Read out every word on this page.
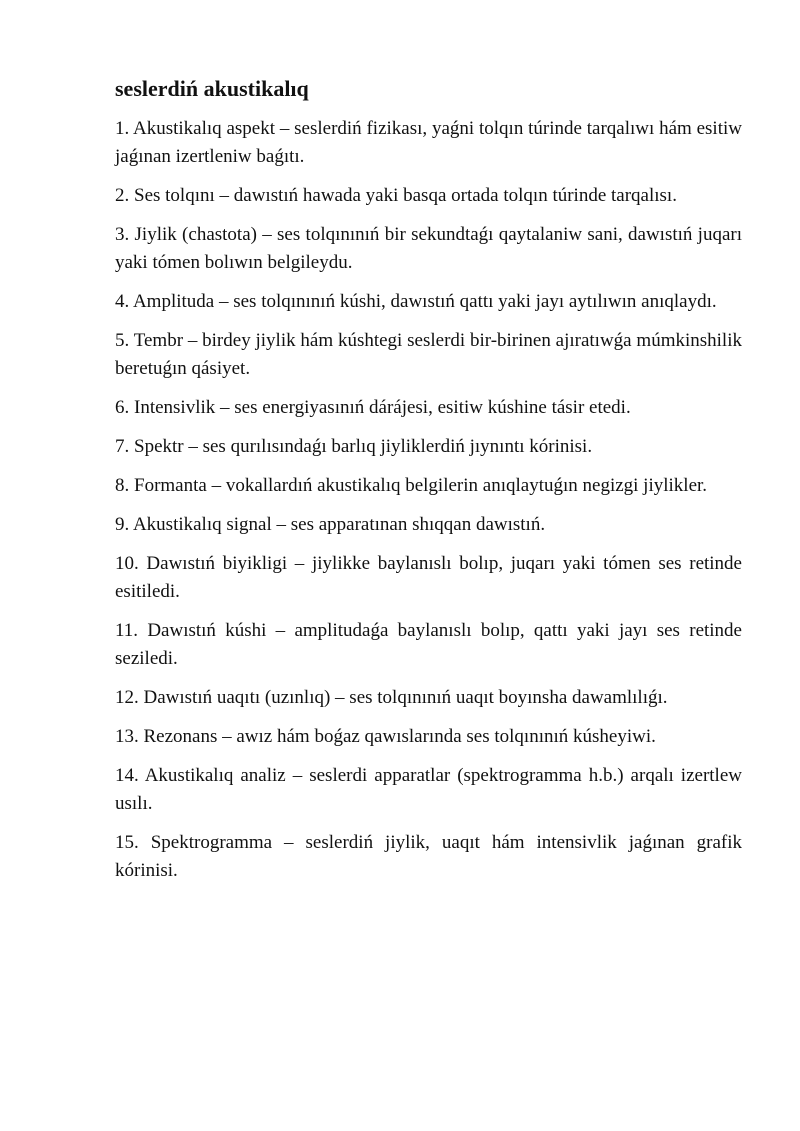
seslerdiń akustikalıq
1. Akustikalıq aspekt – seslerdiń fizikası, yaǵni tolqın túrinde tarqalıwı hám esitiw jaǵınan izertleniw baǵıtı.
2. Ses tolqını – dawıstıń hawada yaki basqa ortada tolqın túrinde tarqalısı.
3. Jiylik (chastota) – ses tolqınınıń bir sekundtaǵı qaytalaniw sani, dawıstıń juqarı yaki tómen bolıwın belgileydu.
4. Amplituda – ses tolqınınıń kúshi, dawıstıń qattı yaki jayı aytılıwın anıqlaydı.
5. Tembr – birdey jiylik hám kúshtegi seslerdi bir-birinen ajıratıwǵa múmkinshilik beretuǵın qásiyet.
6. Intensivlik – ses energiyasınıń dárájesi, esitiw kúshine tásir etedi.
7. Spektr – ses qurılısındaǵı barlıq jiyliklerdiń jıynıntı kórinisi.
8. Formanta – vokallardıń akustikalıq belgilerin anıqlaytuǵın negizgi jiylikler.
9. Akustikalıq signal – ses apparatınan shıqqan dawıstıń.
10. Dawıstıń biyikligi – jiylikke baylanıslı bolıp, juqarı yaki tómen ses retinde esitiledi.
11. Dawıstıń kúshi – amplitudaǵa baylanıslı bolıp, qattı yaki jayı ses retinde seziledi.
12. Dawıstıń uaqıtı (uzınlıq) – ses tolqınınıń uaqıt boyınsha dawamlılıǵı.
13. Rezonans – awız hám boǵaz qawıslarında ses tolqınınıń kúsheyiwi.
14. Akustikalıq analiz – seslerdi apparatlar (spektrogramma h.b.) arqalı izertlew usılı.
15. Spektrogramma – seslerdiń jiylik, uaqıt hám intensivlik jaǵınan grafik kórinisi.
